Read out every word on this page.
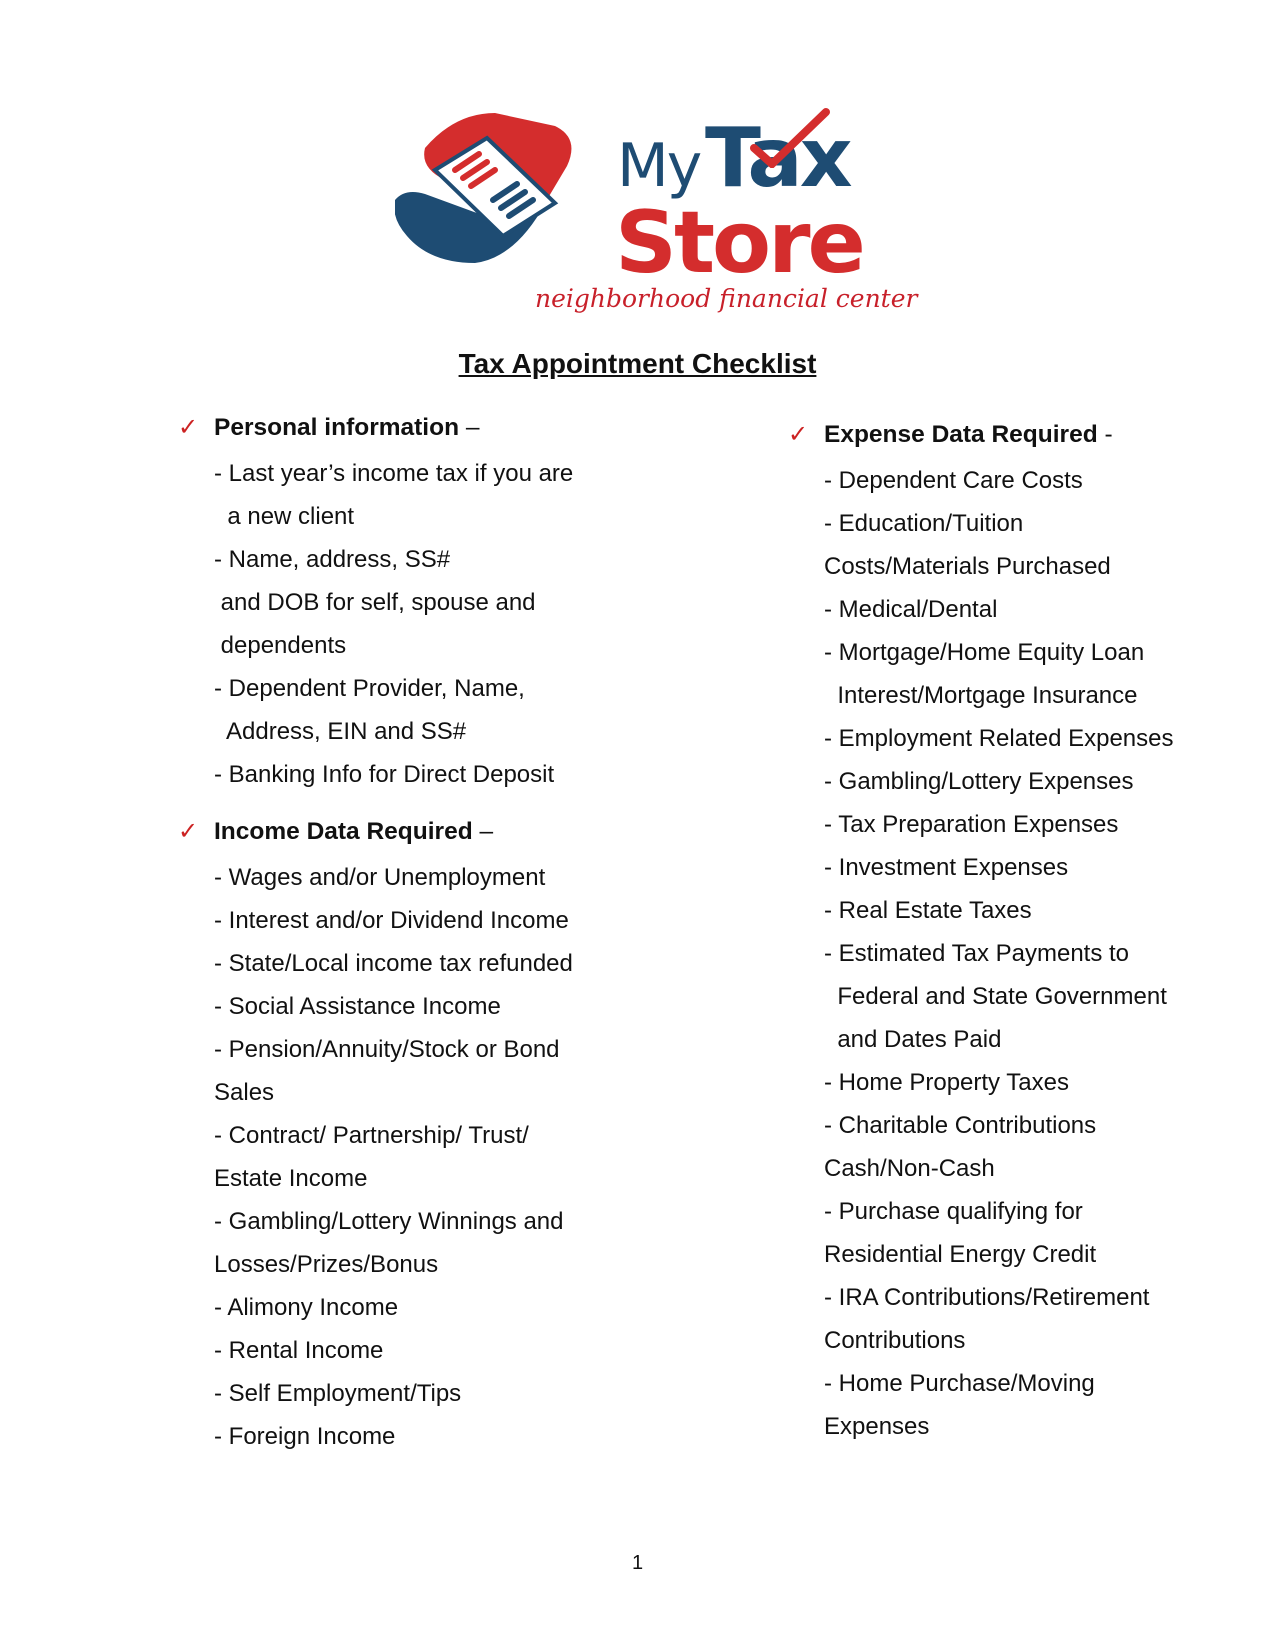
My Tax
Store
neighborhood financial center
Tax Appointment Checklist
✓ Personal information –
- Last year’s income tax if you are
a new client
- Name, address, SS#
and DOB for self, spouse and
dependents
- Dependent Provider, Name,
Address, EIN and SS#
- Banking Info for Direct Deposit
✓ Income Data Required –
- Wages and/or Unemployment
- Interest and/or Dividend Income
- State/Local income tax refunded
- Social Assistance Income
- Pension/Annuity/Stock or Bond
Sales
- Contract/ Partnership/ Trust/
Estate Income
- Gambling/Lottery Winnings and
Losses/Prizes/Bonus
- Alimony Income
- Rental Income
- Self Employment/Tips
- Foreign Income
✓ Expense Data Required -
- Dependent Care Costs
- Education/Tuition
Costs/Materials Purchased
- Medical/Dental
- Mortgage/Home Equity Loan
Interest/Mortgage Insurance
- Employment Related Expenses
- Gambling/Lottery Expenses
- Tax Preparation Expenses
- Investment Expenses
- Real Estate Taxes
- Estimated Tax Payments to
Federal and State Government
and Dates Paid
- Home Property Taxes
- Charitable Contributions
Cash/Non-Cash
- Purchase qualifying for
Residential Energy Credit
- IRA Contributions/Retirement
Contributions
- Home Purchase/Moving
Expenses
1
